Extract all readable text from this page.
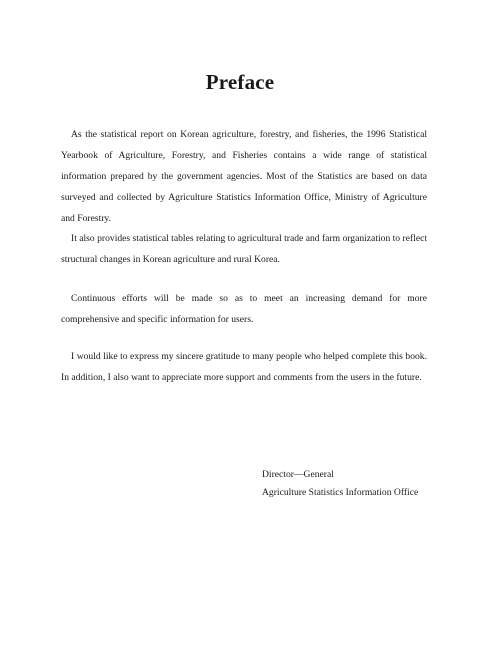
Preface

As the statistical report on Korean agriculture, forestry, and fisheries, the 1996 Statistical Yearbook of Agriculture, Forestry, and Fisheries contains a wide range of statistical information prepared by the government agencies. Most of the Statistics are based on data surveyed and collected by Agriculture Statistics Information Office, Ministry of Agriculture and Forestry.

It also provides statistical tables relating to agricultural trade and farm organization to reflect structural changes in Korean agriculture and rural Korea.

Continuous efforts will be made so as to meet an increasing demand for more comprehensive and specific information for users.

I would like to express my sincere gratitude to many people who helped complete this book. In addition, I also want to appreciate more support and comments from the users in the future.

Director—General
Agriculture Statistics Information Office
